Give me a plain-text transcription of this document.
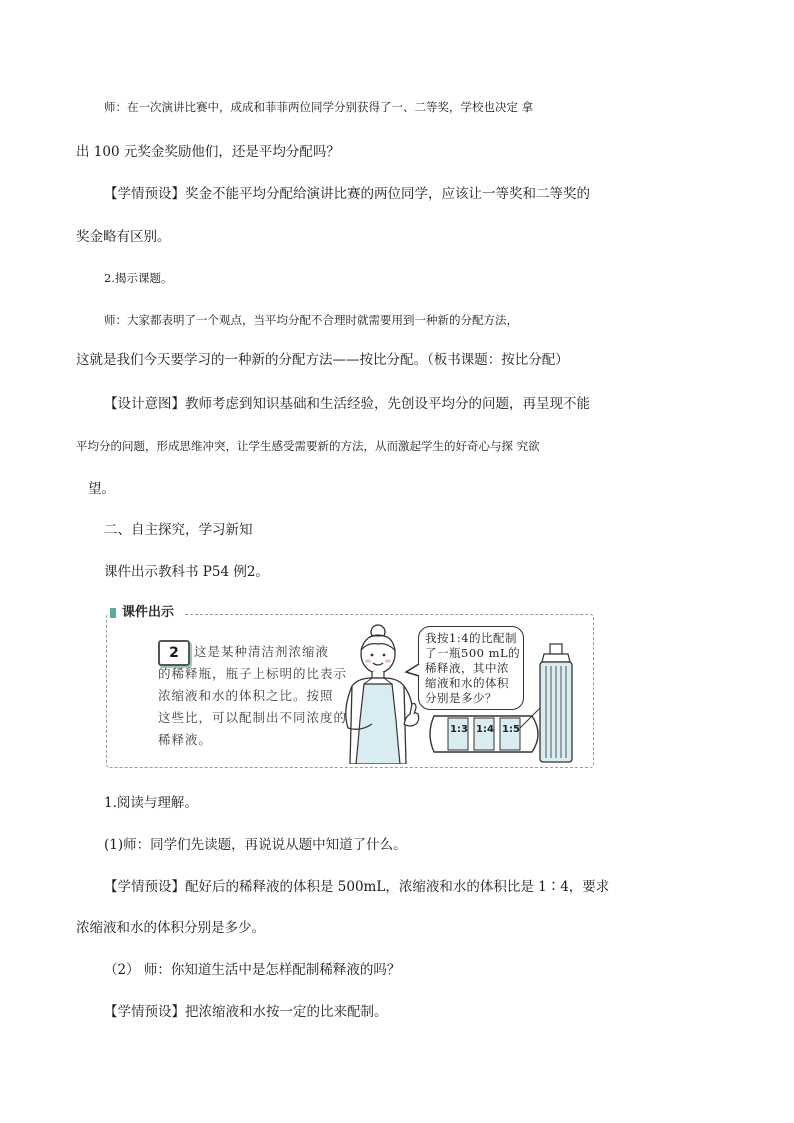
师：在一次演讲比赛中，成成和菲菲两位同学分别获得了一、二等奖，学校也决定 拿
出 100 元奖金奖励他们，还是平均分配吗？
【学情预设】奖金不能平均分配给演讲比赛的两位同学，应该让一等奖和二等奖的
奖金略有区别。
2.揭示课题。
师：大家都表明了一个观点，当平均分配不合理时就需要用到一种新的分配方法，
这就是我们今天要学习的一种新的分配方法——按比分配。（板书课题：按比分配）
【设计意图】教师考虑到知识基础和生活经验，先创设平均分的问题，再呈现不能
平均分的问题，形成思维冲突，让学生感受需要新的方法，从而激起学生的好奇心与探 究欲
望。
二、自主探究，学习新知
课件出示教科书 P54 例2。
课件出示
2	这是某种清洁剂浓缩液
的稀释瓶，瓶子上标明的比表示
浓缩液和水的体积之比。按照
这些比，可以配制出不同浓度的
稀释液。
我按1:4的比配制
了一瓶500 mL的
稀释液，其中浓
缩液和水的体积
分别是多少？
1:3 1:4 1:5
1.阅读与理解。
(1)师：同学们先读题，再说说从题中知道了什么。
【学情预设】配好后的稀释液的体积是 500mL，浓缩液和水的体积比是 1∶4，要求
浓缩液和水的体积分别是多少。
（2） 师：你知道生活中是怎样配制稀释液的吗？
【学情预设】把浓缩液和水按一定的比来配制。
